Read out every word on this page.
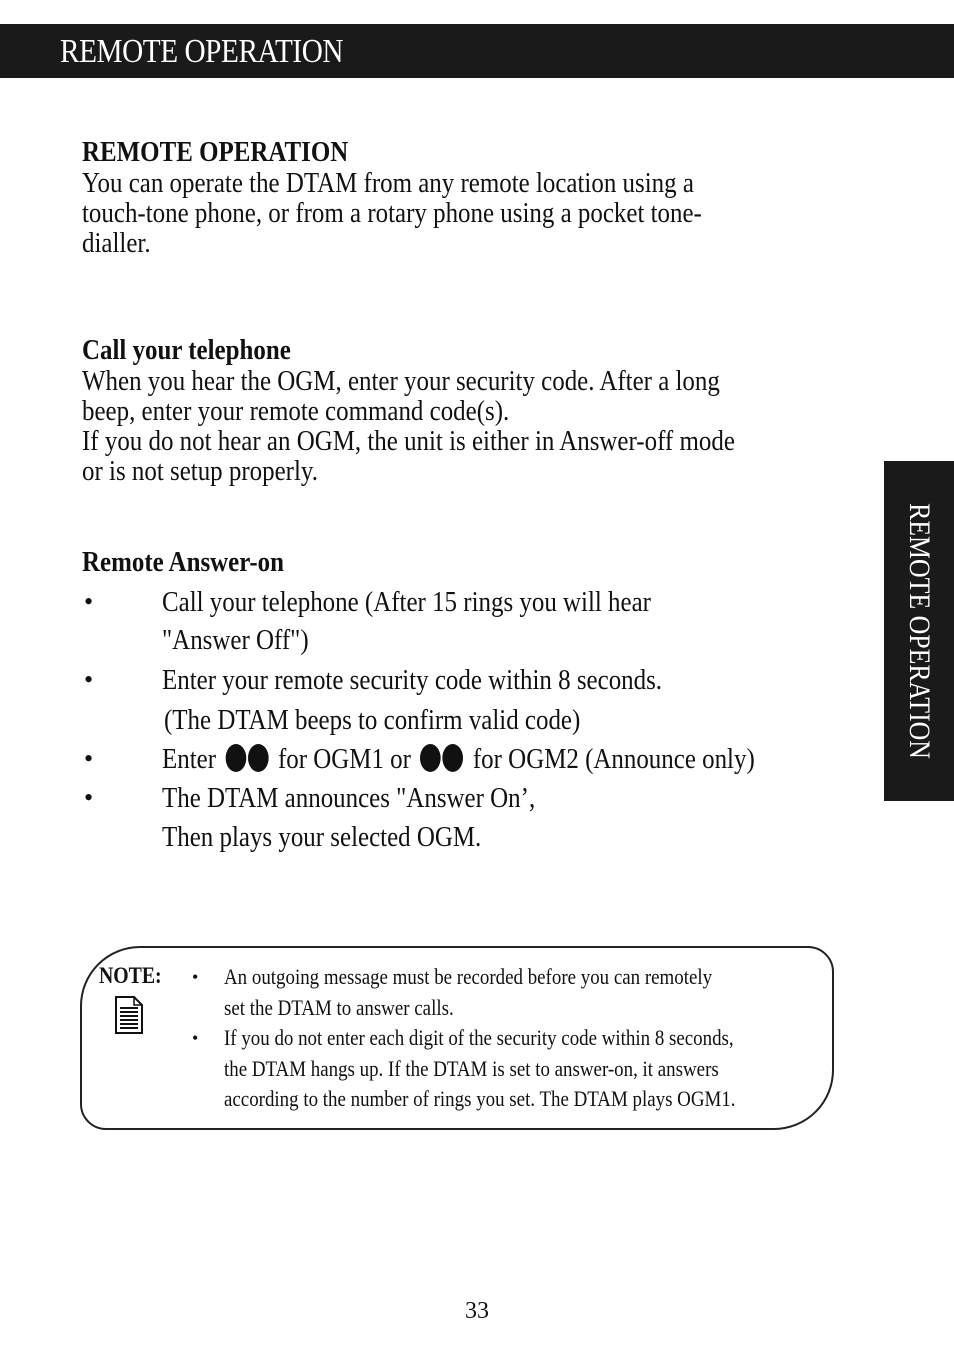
REMOTE OPERATION
REMOTE OPERATION
REMOTE OPERATION
You can operate the DTAM from any remote location using a
touch-tone phone, or from a rotary phone using a pocket tone-
dialler.
Call your telephone
When you hear the OGM, enter your security code. After a long
beep, enter your remote command code(s).
If you do not hear an OGM, the unit is either in Answer-off mode
or is not setup properly.
Remote Answer-on
• Call your telephone (After 15 rings you will hear
"Answer Off")
• Enter your remote security code within 8 seconds.
(The DTAM beeps to confirm valid code)
• Enter for OGM1 or for OGM2 (Announce only)
• The DTAM announces "Answer On’,
Then plays your selected OGM.
NOTE: • An outgoing message must be recorded before you can remotely
set the DTAM to answer calls.
• If you do not enter each digit of the security code within 8 seconds,
the DTAM hangs up. If the DTAM is set to answer-on, it answers
according to the number of rings you set. The DTAM plays OGM1.
33
